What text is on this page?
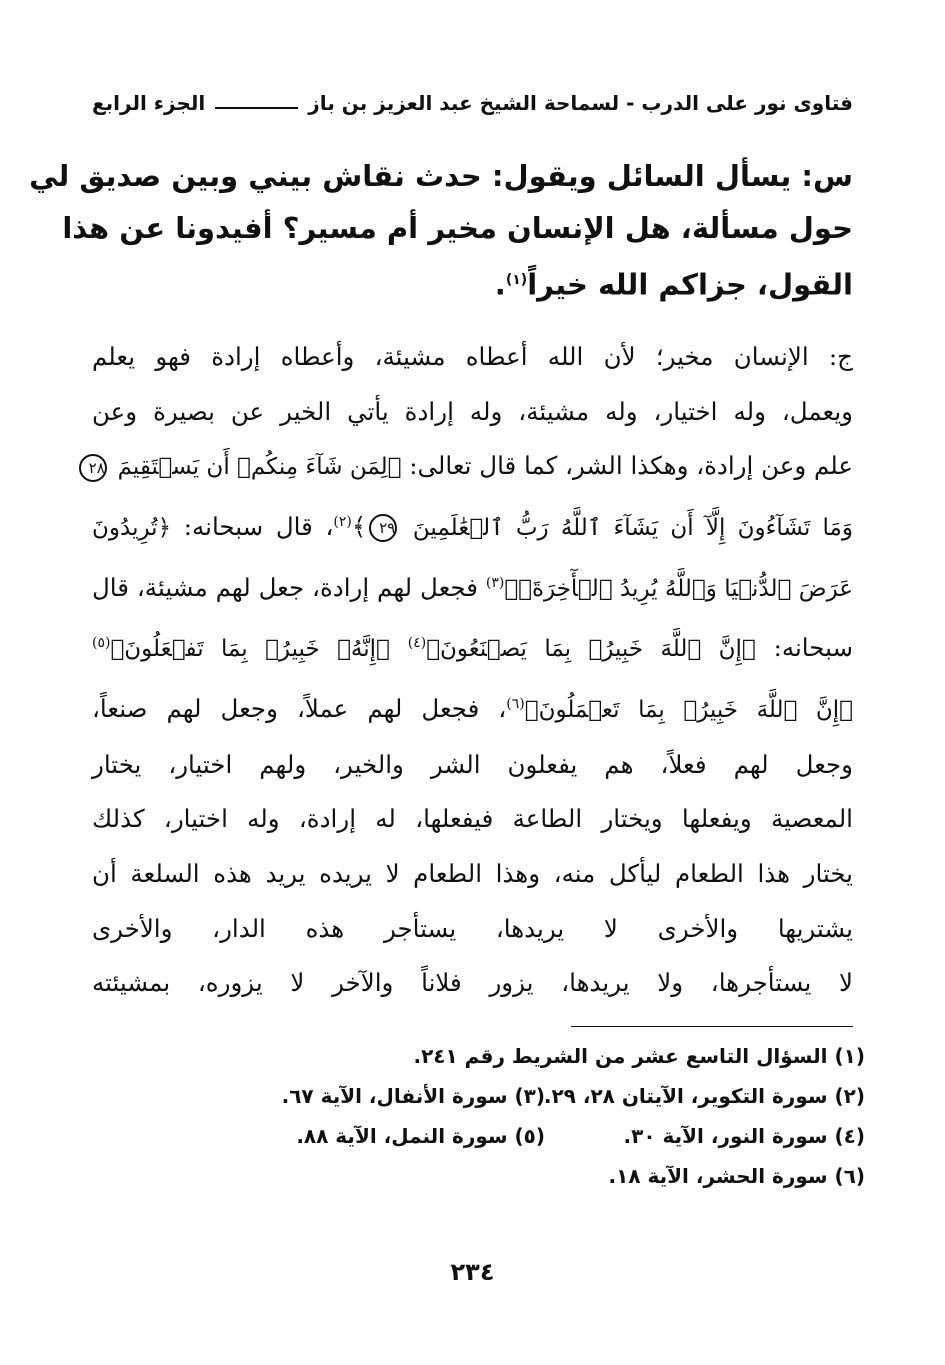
فتاوى نور على الدرب - لسماحة الشيخ عبد العزيز بن باز
الجزء الرابع
س: يسأل السائل ويقول: حدث نقاش بيني وبين صديق لي
حول مسألة، هل الإنسان مخير أم مسير؟ أفيدونا عن هذا
القول، جزاكم الله خيراً$^{(١)}$.
ج: الإنسان مخير؛ لأن الله أعطاه مشيئة، وأعطاه إرادة فهو يعلم
ويعمل، وله اختيار، وله مشيئة، وله إرادة يأتي الخير عن بصيرة وعن
علم وعن إرادة، وهكذا الشر، كما قال تعالى: ﴿لِمَن شَآءَ مِنكُمۡ أَن يَسۡتَقِيمَ ٢٨
وَمَا تَشَآءُونَ إِلَّآ أَن يَشَآءَ ٱللَّهُ رَبُّ ٱلۡعَٰلَمِينَ ٢٩﴾$^{(٢)}$، قال سبحانه: ﴿تُرِيدُونَ
عَرَضَ ٱلدُّنۡيَا وَٱللَّهُ يُرِيدُ ٱلۡأٓخِرَةَۗ﴾$^{(٣)}$ فجعل لهم إرادة، جعل لهم مشيئة، قال
سبحانه: ﴿إِنَّ ٱللَّهَ خَبِيرُۢ بِمَا يَصۡنَعُونَ﴾$^{(٤)}$ ﴿إِنَّهُۥ خَبِيرُۢ بِمَا تَفۡعَلُونَ﴾$^{(٥)}$
﴿إِنَّ ٱللَّهَ خَبِيرُۢ بِمَا تَعۡمَلُونَ﴾$^{(٦)}$، فجعل لهم عملاً، وجعل لهم صنعاً،
وجعل لهم فعلاً، هم يفعلون الشر والخير، ولهم اختيار، يختار
المعصية ويفعلها ويختار الطاعة فيفعلها، له إرادة، وله اختيار، كذلك
يختار هذا الطعام ليأكل منه، وهذا الطعام لا يريده يريد هذه السلعة أن
يشتريها والأخرى لا يريدها، يستأجر هذه الدار، والأخرى
لا يستأجرها، ولا يريدها، يزور فلاناً والآخر لا يزوره، بمشيئته
(١) السؤال التاسع عشر من الشريط رقم ٢٤١.
(٢) سورة التكوير، الآيتان ٢٨، ٢٩.
(٣) سورة الأنفال، الآية ٦٧.
(٤) سورة النور، الآية ٣٠.
(٥) سورة النمل، الآية ٨٨.
(٦) سورة الحشر، الآية ١٨.
٢٣٤
